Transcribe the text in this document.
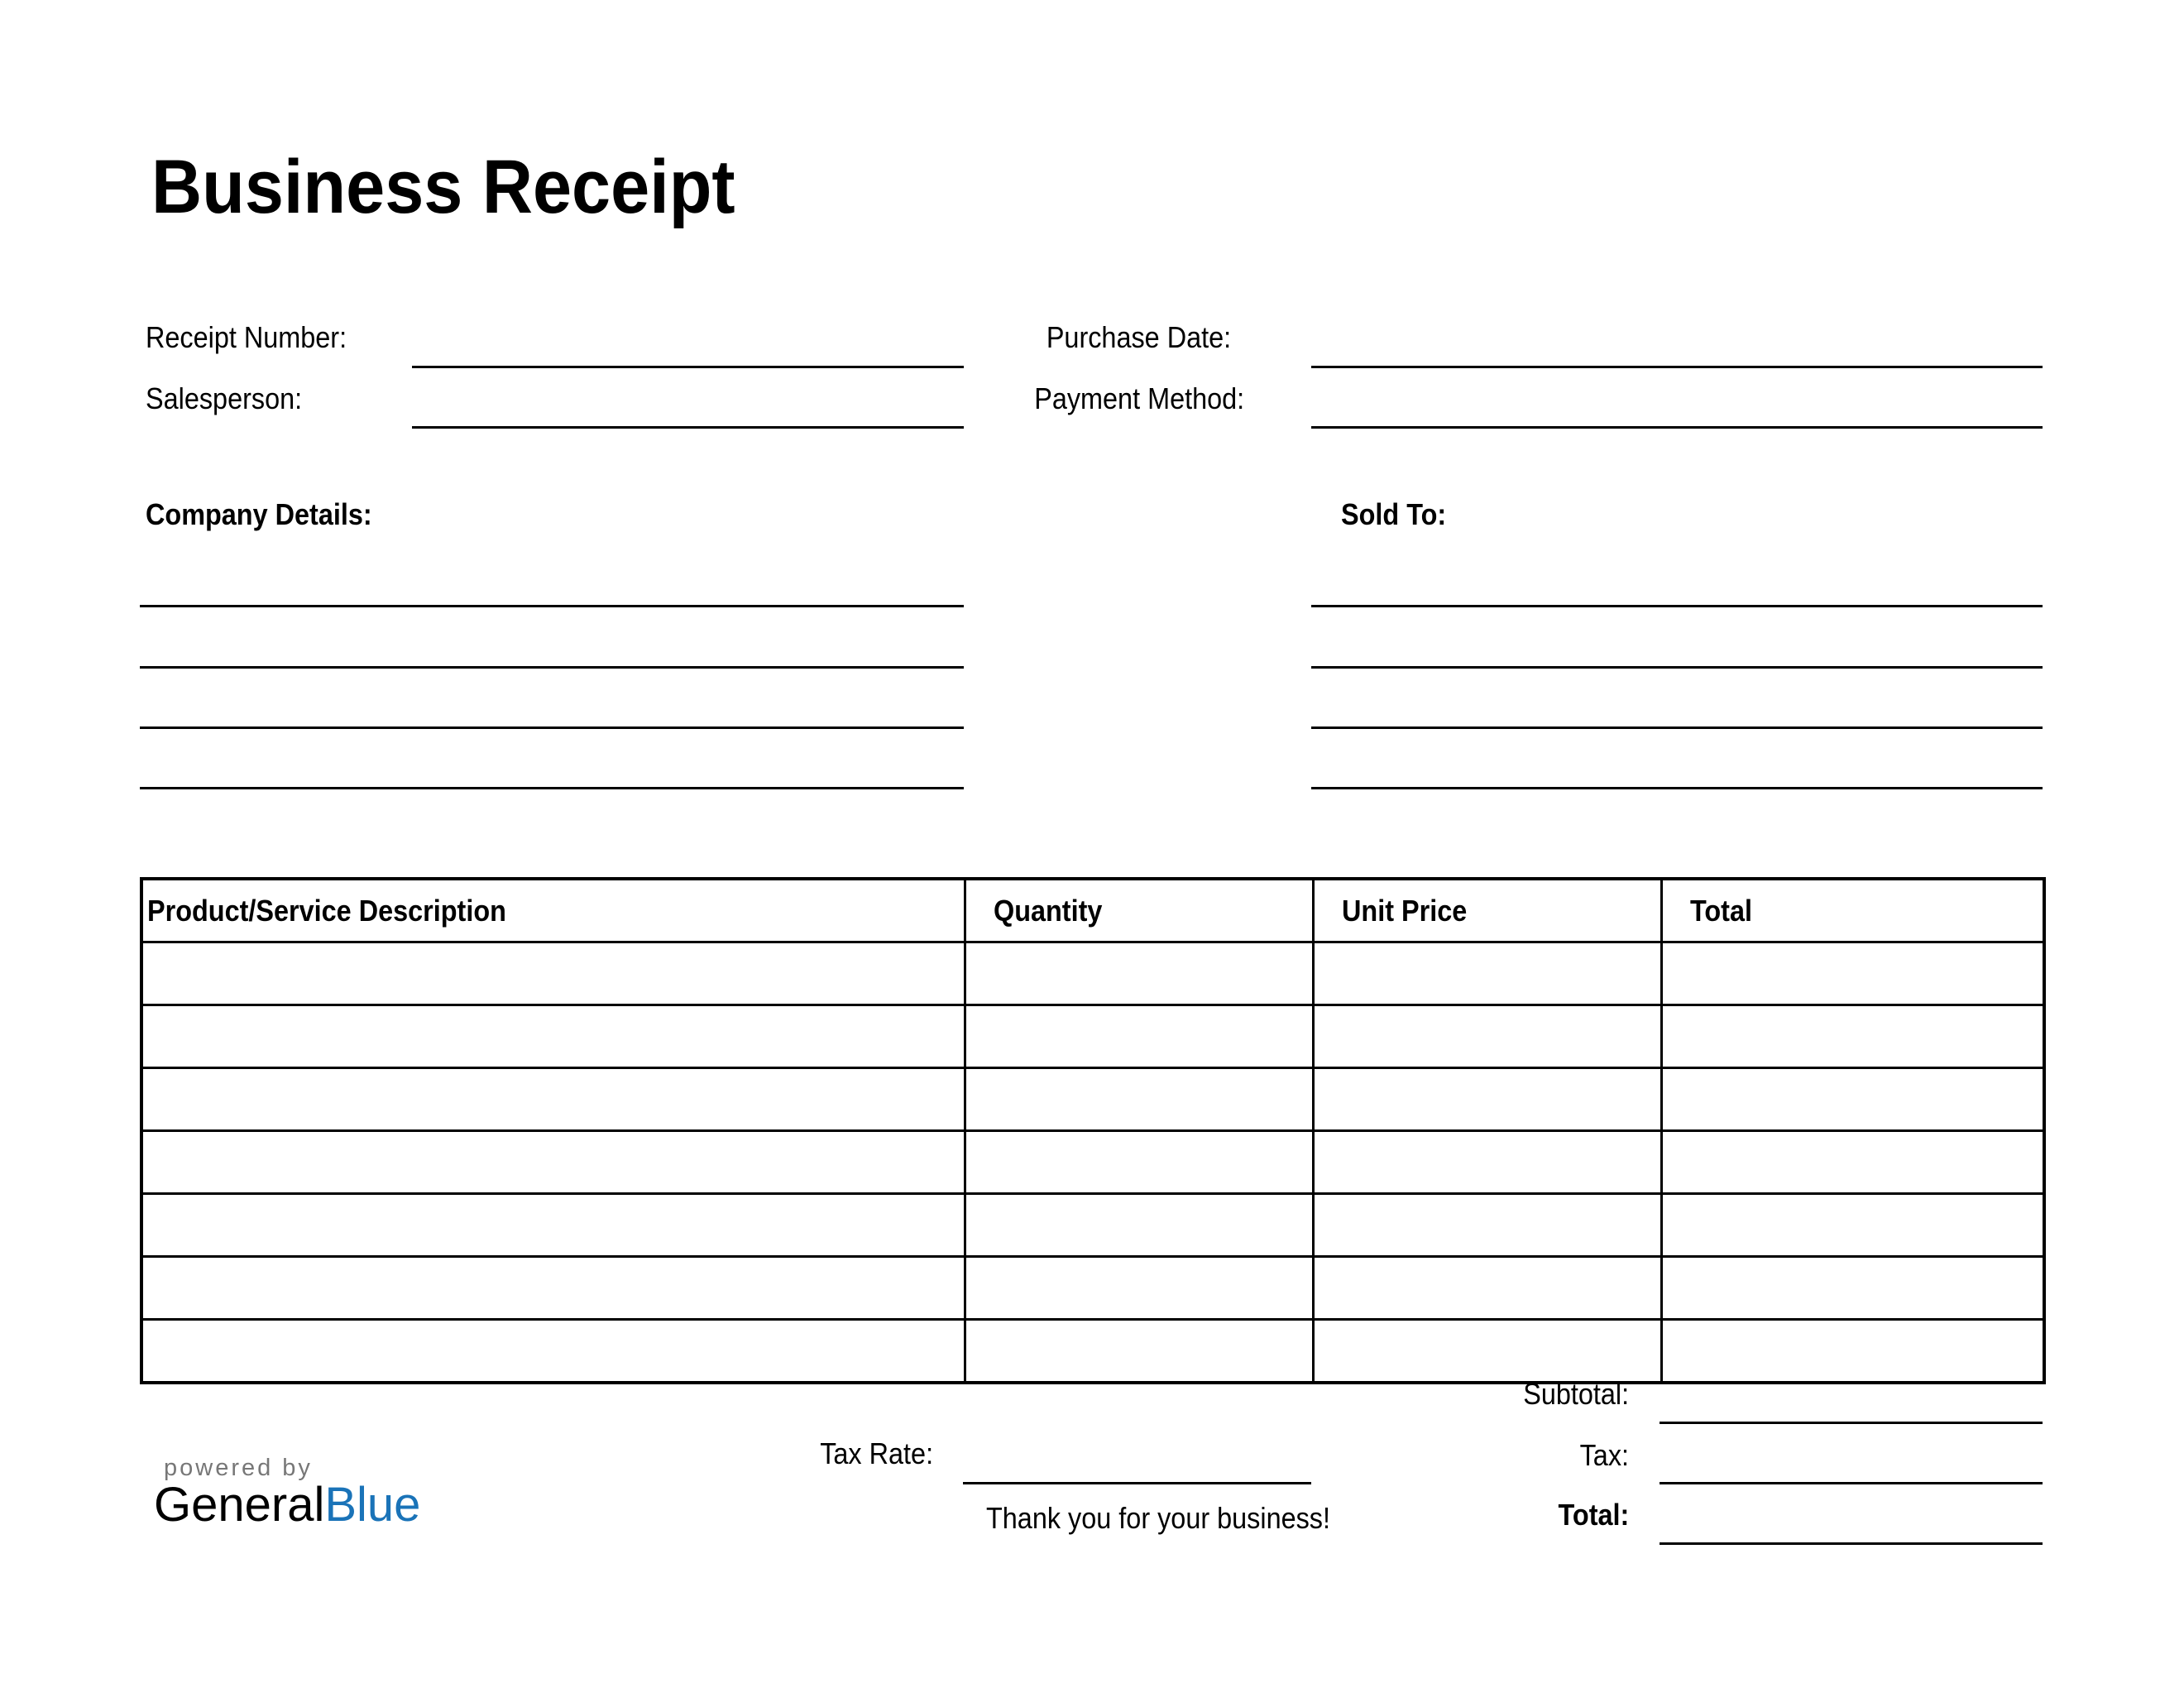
Business Receipt
Receipt Number:	Purchase Date:
Salesperson:	Payment Method:
Company Details:	Sold To:
Product/Service Description	Quantity	Unit Price	Total

Subtotal:
Tax:
Total:
Tax Rate:
Thank you for your business!
powered by
GeneralBlue
